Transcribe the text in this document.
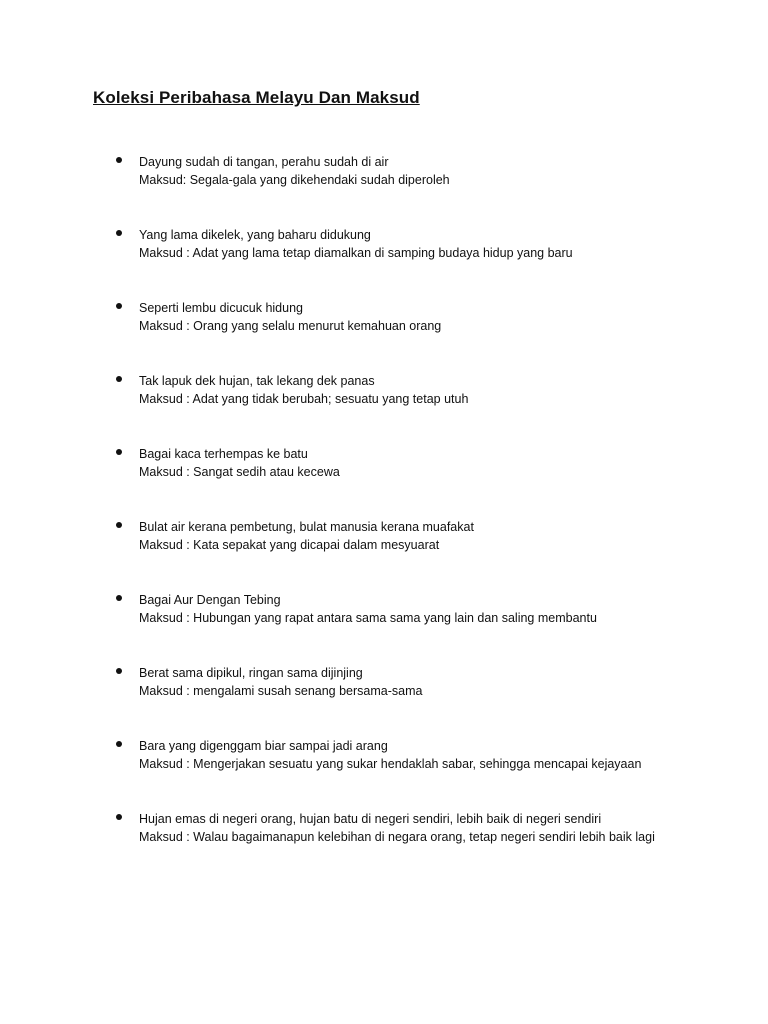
Koleksi Peribahasa Melayu Dan Maksud
Dayung sudah di tangan, perahu sudah di air
Maksud: Segala-gala yang dikehendaki sudah diperoleh
Yang lama dikelek, yang baharu didukung
Maksud : Adat yang lama tetap diamalkan di samping budaya hidup yang baru
Seperti lembu dicucuk hidung
Maksud : Orang yang selalu menurut kemahuan orang
Tak lapuk dek hujan, tak lekang dek panas
Maksud : Adat yang tidak berubah; sesuatu yang tetap utuh
Bagai kaca terhempas ke batu
Maksud : Sangat sedih atau kecewa
Bulat air kerana pembetung, bulat manusia kerana muafakat
Maksud : Kata sepakat yang dicapai dalam mesyuarat
Bagai Aur Dengan Tebing
Maksud : Hubungan yang rapat antara sama sama yang lain dan saling membantu
Berat sama dipikul, ringan sama dijinjing
Maksud : mengalami susah senang bersama-sama
Bara yang digenggam biar sampai jadi arang
Maksud : Mengerjakan sesuatu yang sukar hendaklah sabar, sehingga mencapai kejayaan
Hujan emas di negeri orang, hujan batu di negeri sendiri, lebih baik di negeri sendiri
Maksud : Walau bagaimanapun kelebihan di negara orang, tetap negeri sendiri lebih baik lagi
